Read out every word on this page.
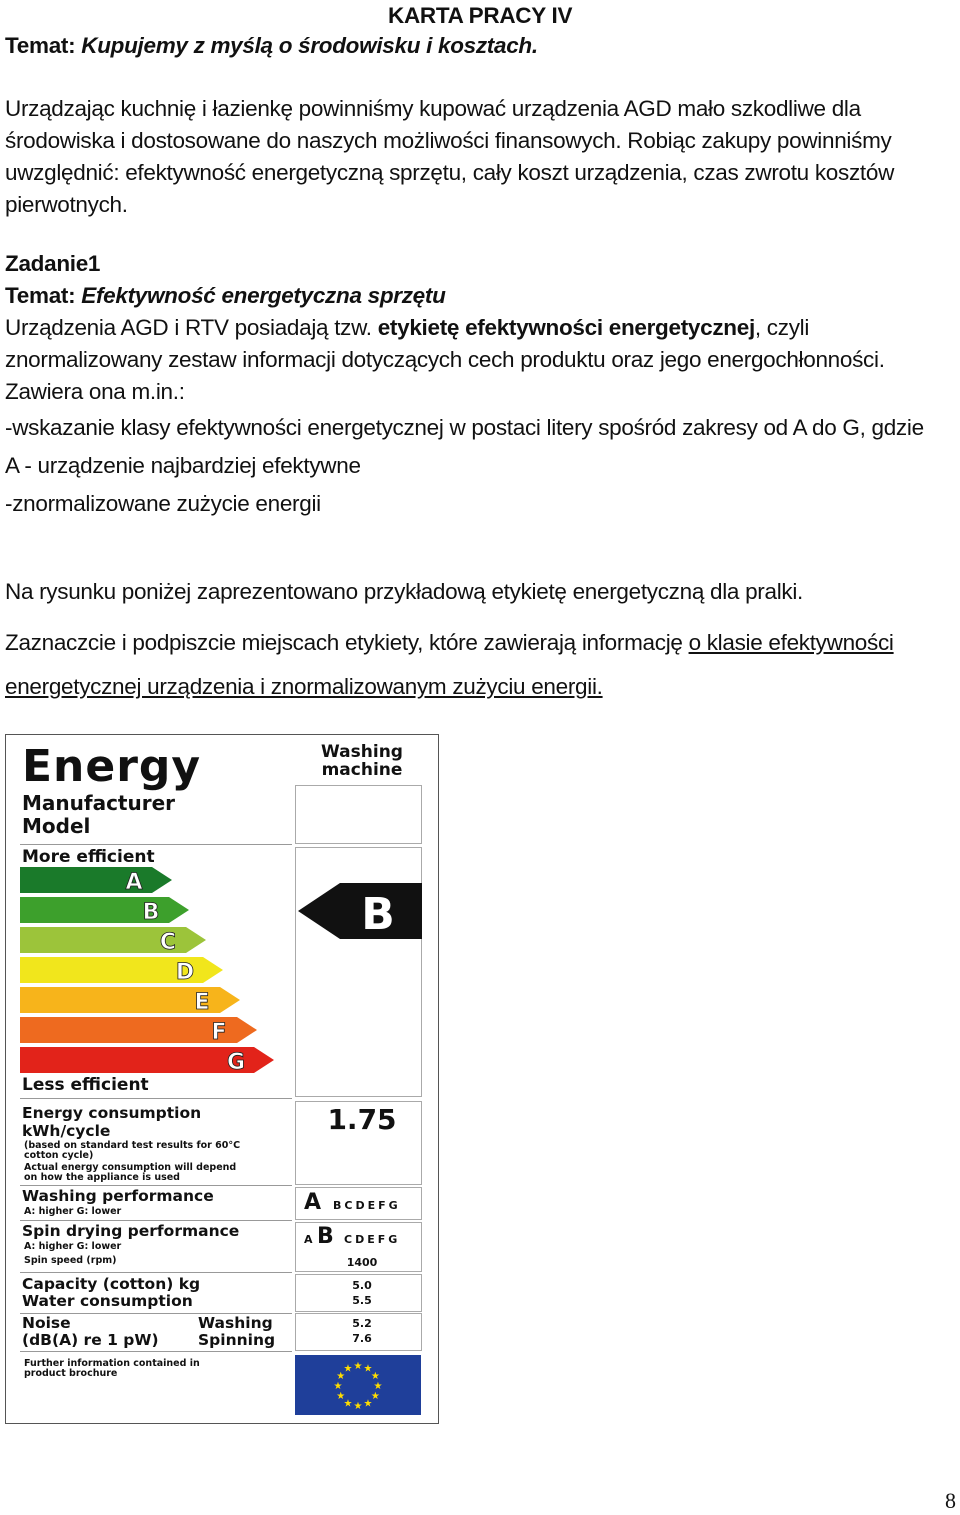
KARTA PRACY IV
Temat: Kupujemy z myślą o środowisku i kosztach.
Urządzając kuchnię i łazienkę powinniśmy kupować urządzenia AGD mało szkodliwe dla
środowiska i dostosowane do naszych możliwości finansowych. Robiąc zakupy powinniśmy
uwzględnić: efektywność energetyczną sprzętu, cały koszt urządzenia, czas zwrotu kosztów
pierwotnych.
Zadanie1
Temat: Efektywność energetyczna sprzętu
Urządzenia AGD i RTV posiadają tzw. etykietę efektywności energetycznej, czyli
znormalizowany zestaw informacji dotyczących cech produktu oraz jego energochłonności.
Zawiera ona m.in.:
-wskazanie klasy efektywności energetycznej w postaci litery spośród zakresy od A do G, gdzie
A - urządzenie najbardziej efektywne
-znormalizowane zużycie energii
Na rysunku poniżej zaprezentowano przykładową etykietę energetyczną dla pralki.
Zaznaczcie i podpiszcie miejscach etykiety, które zawierają informację o klasie efektywności
energetycznej urządzenia i znormalizowanym zużyciu energii.
Energy	Washing
machine
Manufacturer
Model
More efficient
A
B
C
D
E
F
G
B
Less efficient
Energy consumption
kWh/cycle
(based on standard test results for 60°C
cotton cycle)
Actual energy consumption will depend
on how the appliance is used
1.75
Washing performance
A: higher G: lower	A BCDEFG
Spin drying performance
A: higher G: lower
Spin speed (rpm)
A B CDEFG
1400
Capacity (cotton) kg
Water consumption
5.0
5.5
Noise
(dB(A) re 1 pW)
Washing
Spinning
5.2
7.6
Further information contained in
product brochure
★ ★
★
★
★
★
★
★
★
★
★
★
8
